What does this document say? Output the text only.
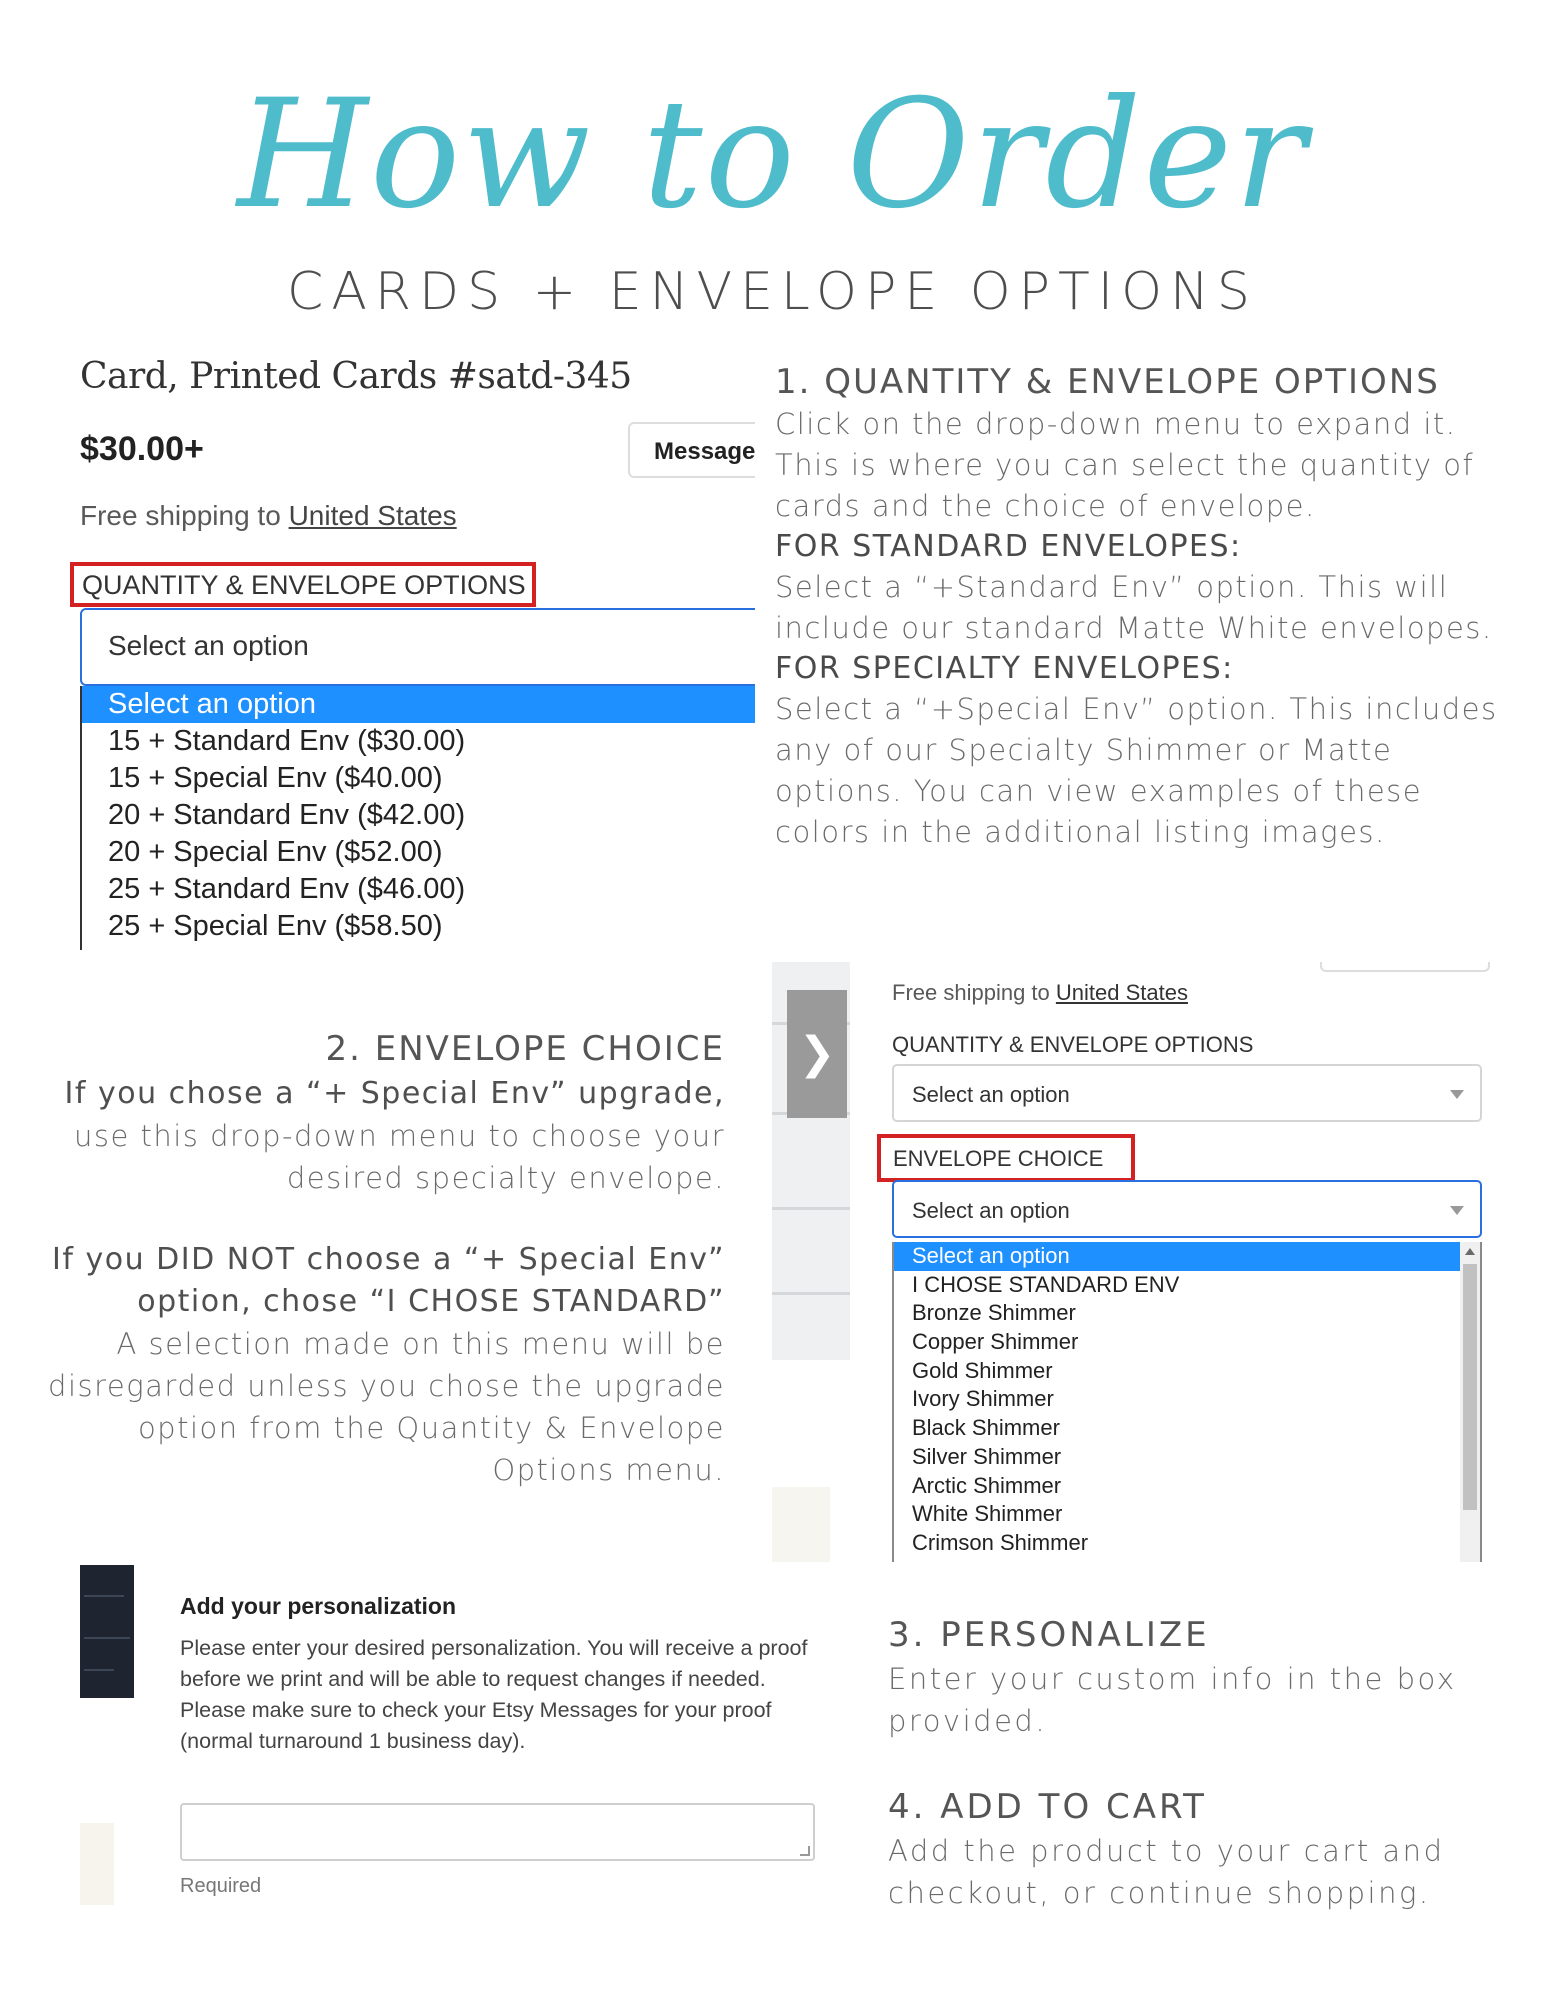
How to Order
CARDS + ENVELOPE OPTIONS
Card, Printed Cards #satd-345
$30.00+	Message
Free shipping to United States
QUANTITY & ENVELOPE OPTIONS
Select an option
Select an option
15 + Standard Env ($30.00)
15 + Special Env ($40.00)
20 + Standard Env ($42.00)
20 + Special Env ($52.00)
25 + Standard Env ($46.00)
25 + Special Env ($58.50)
1. QUANTITY & ENVELOPE OPTIONS
Click on the drop-down menu to expand it. This is where you can select the quantity of cards and the choice of envelope.
FOR STANDARD ENVELOPES:
Select a “+Standard Env” option. This will include our standard Matte White envelopes.
FOR SPECIALTY ENVELOPES:
Select a “+Special Env” option. This includes any of our Specialty Shimmer or Matte options. You can view examples of these colors in the additional listing images.
2. ENVELOPE CHOICE
If you chose a “+ Special Env” upgrade,
use this drop-down menu to choose your desired specialty envelope.
If you DID NOT choose a “+ Special Env” option, chose “I CHOSE STANDARD”
A selection made on this menu will be disregarded unless you chose the upgrade option from the Quantity & Envelope Options menu.
❯
Free shipping to United States
QUANTITY & ENVELOPE OPTIONS
Select an option
ENVELOPE CHOICE
Select an option
Select an option
I CHOSE STANDARD ENV
Bronze Shimmer
Copper Shimmer
Gold Shimmer
Ivory Shimmer
Black Shimmer
Silver Shimmer
Arctic Shimmer
White Shimmer
Crimson Shimmer
Add your personalization
Please enter your desired personalization. You will receive a proof before we print and will be able to request changes if needed. Please make sure to check your Etsy Messages for your proof (normal turnaround 1 business day).
Required
3. PERSONALIZE
Enter your custom info in the box provided.
4. ADD TO CART
Add the product to your cart and checkout, or continue shopping.
